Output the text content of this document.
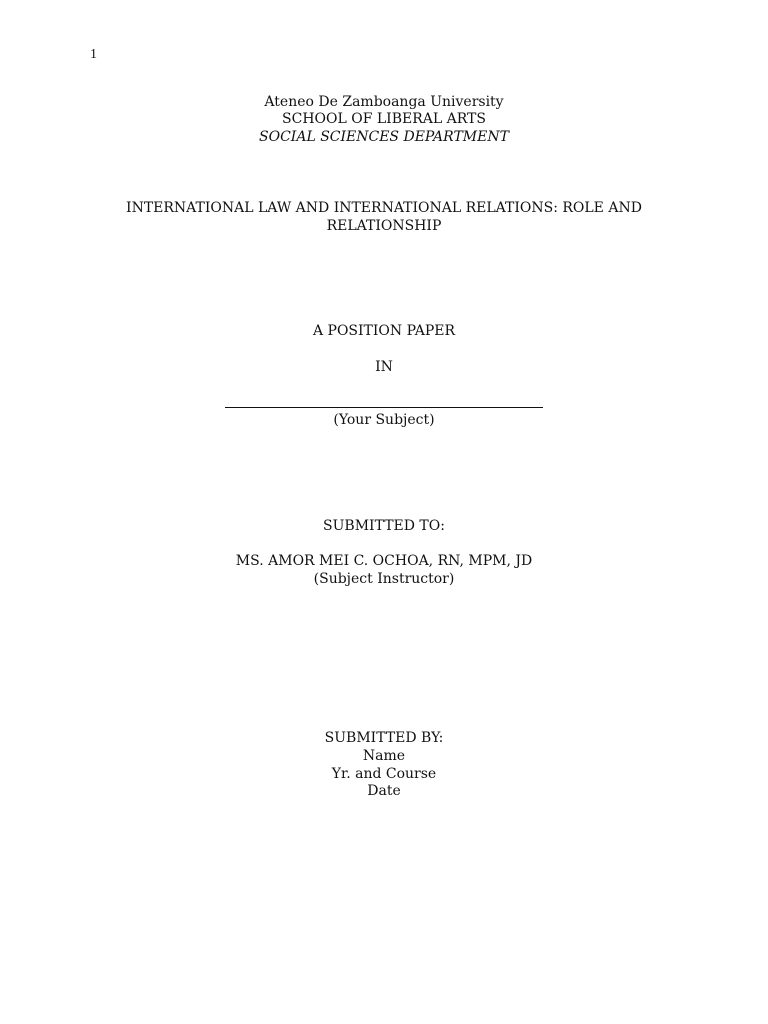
1
Ateneo De Zamboanga University
SCHOOL OF LIBERAL ARTS
SOCIAL SCIENCES DEPARTMENT
INTERNATIONAL LAW AND INTERNATIONAL RELATIONS: ROLE AND
RELATIONSHIP
A POSITION PAPER
IN
(Your Subject)
SUBMITTED TO:
MS. AMOR MEI C. OCHOA, RN, MPM, JD
(Subject Instructor)
SUBMITTED BY:
Name
Yr. and Course
Date
